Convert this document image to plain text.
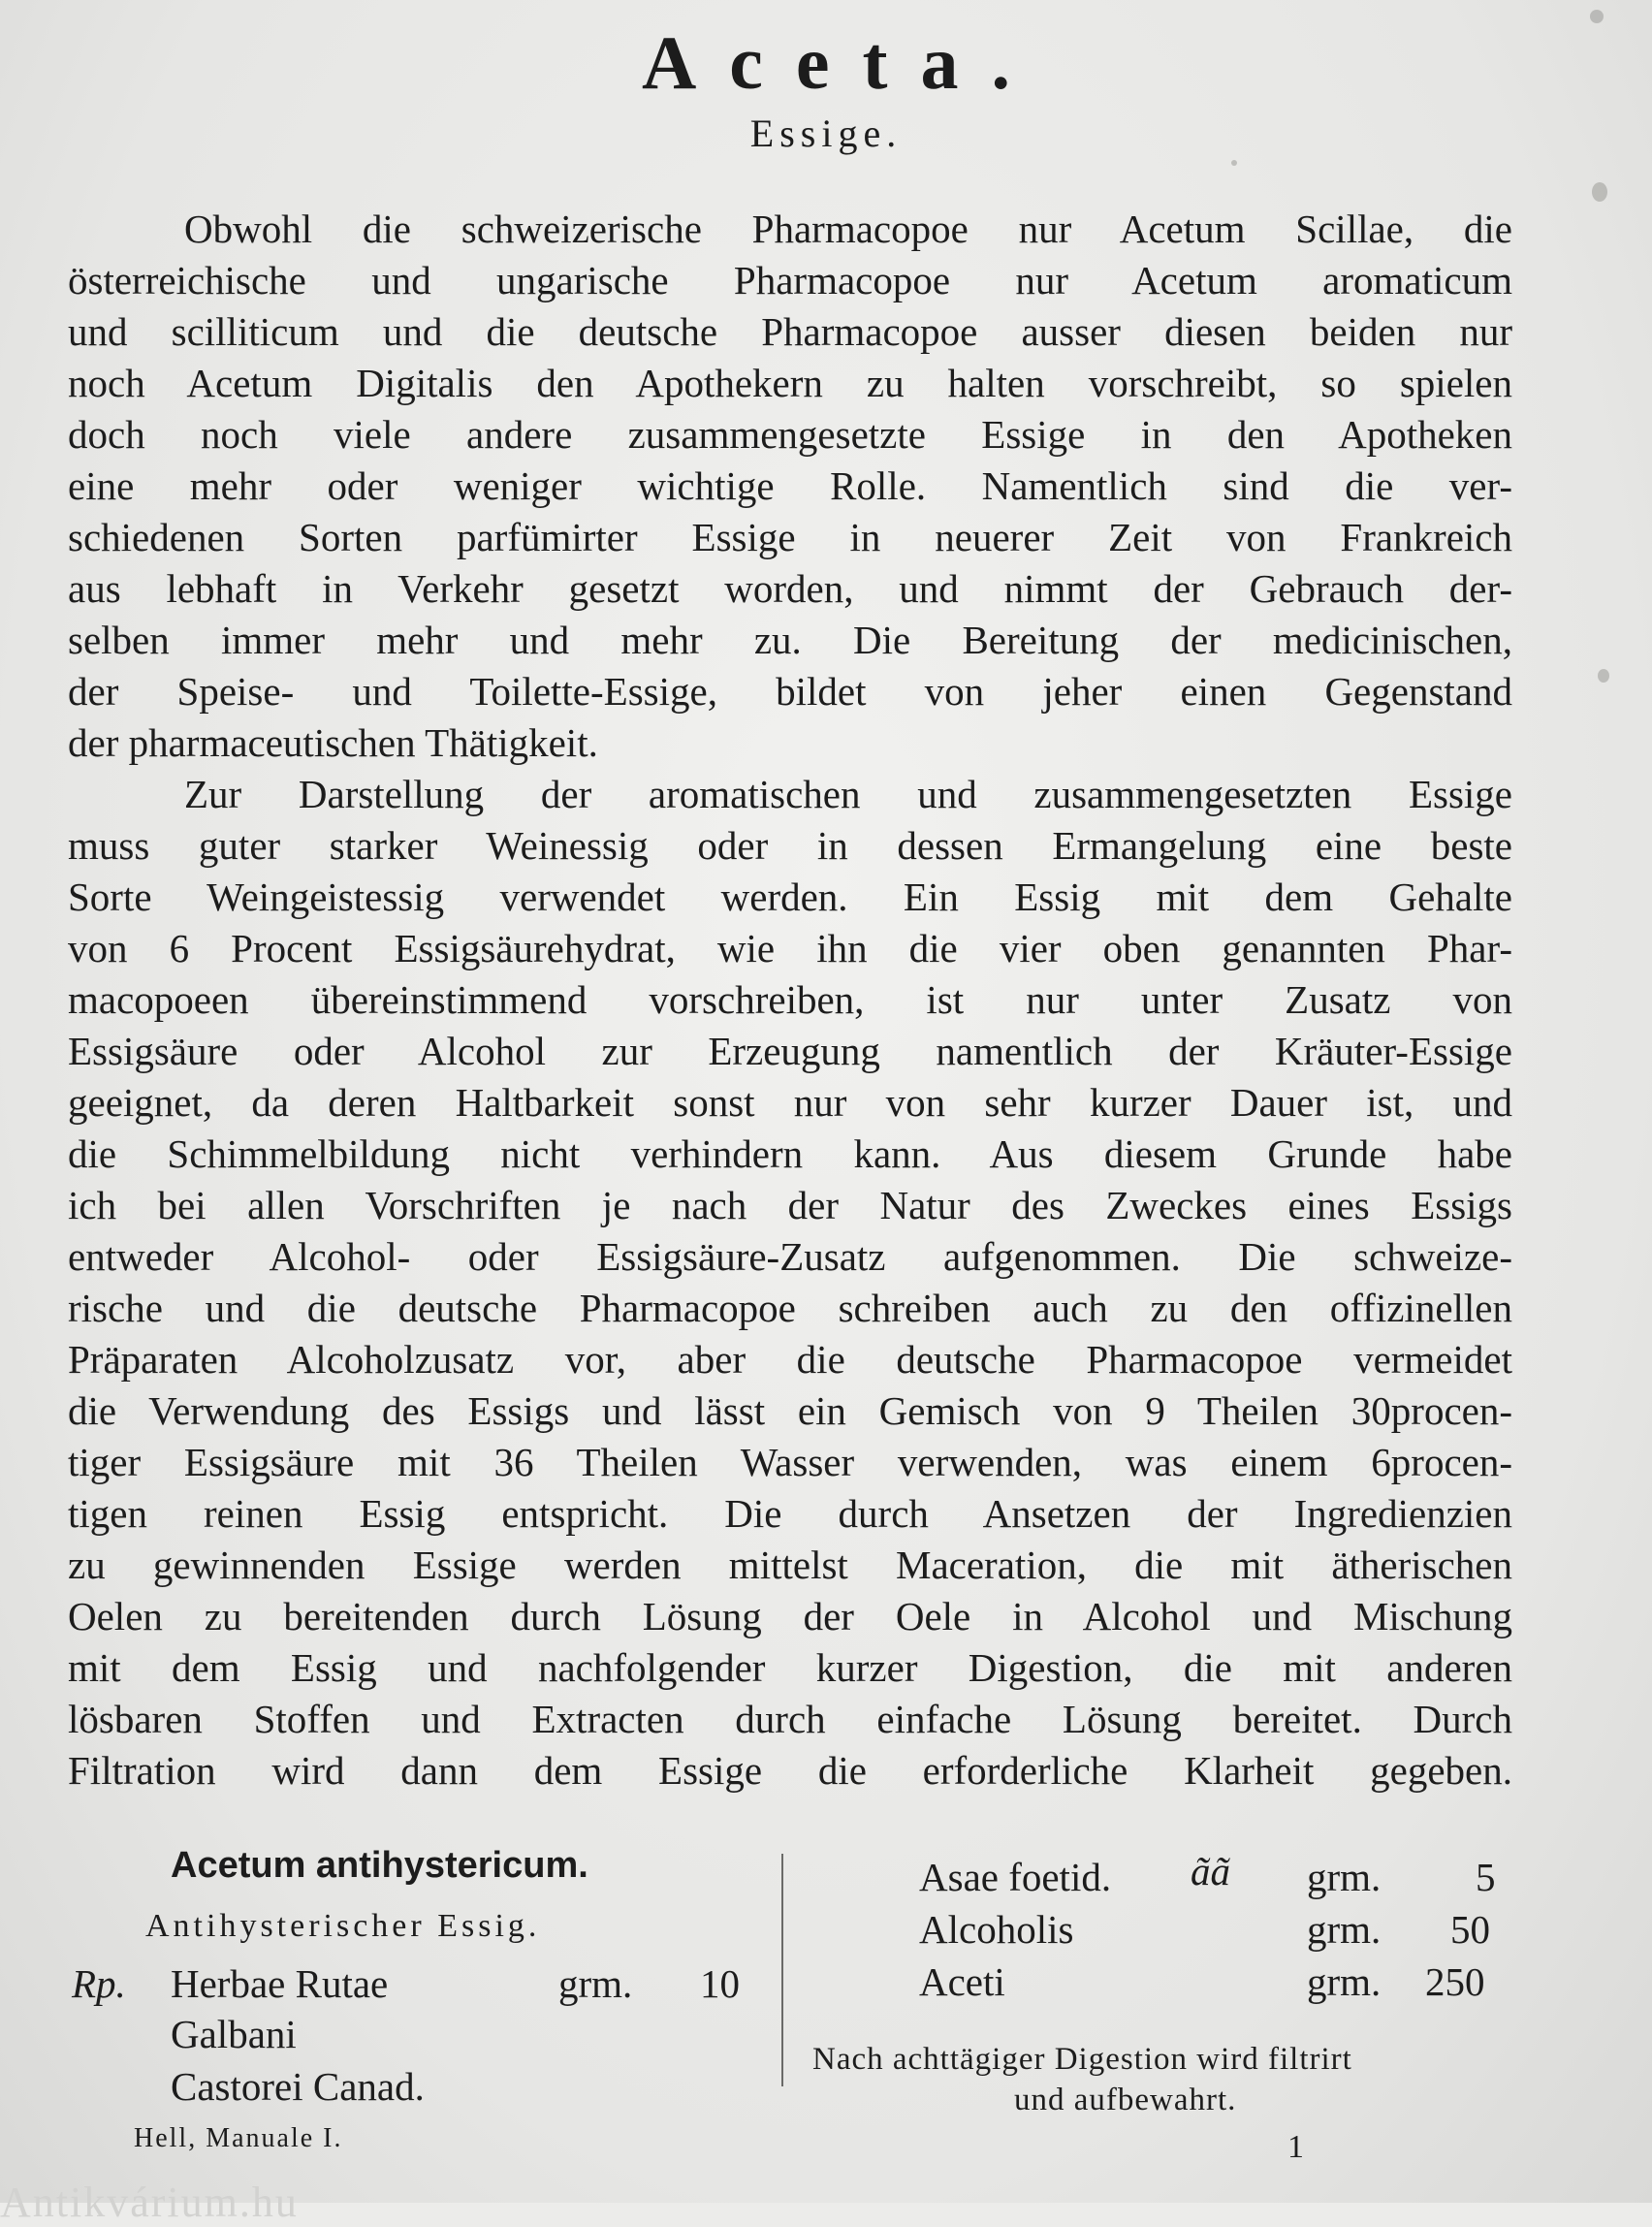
Aceta.
Essige.
Obwohl die schweizerische Pharmacopoe nur Acetum Scillae, die
österreichische und ungarische Pharmacopoe nur Acetum aromaticum
und scilliticum und die deutsche Pharmacopoe ausser diesen beiden nur
noch Acetum Digitalis den Apothekern zu halten vorschreibt, so spielen
doch noch viele andere zusammengesetzte Essige in den Apotheken
eine mehr oder weniger wichtige Rolle. Namentlich sind die ver-
schiedenen Sorten parfümirter Essige in neuerer Zeit von Frankreich
aus lebhaft in Verkehr gesetzt worden, und nimmt der Gebrauch der-
selben immer mehr und mehr zu. Die Bereitung der medicinischen,
der Speise- und Toilette-Essige, bildet von jeher einen Gegenstand
der pharmaceutischen Thätigkeit.
Zur Darstellung der aromatischen und zusammengesetzten Essige
muss guter starker Weinessig oder in dessen Ermangelung eine beste
Sorte Weingeistessig verwendet werden. Ein Essig mit dem Gehalte
von 6 Procent Essigsäurehydrat, wie ihn die vier oben genannten Phar-
macopoeen übereinstimmend vorschreiben, ist nur unter Zusatz von
Essigsäure oder Alcohol zur Erzeugung namentlich der Kräuter-Essige
geeignet, da deren Haltbarkeit sonst nur von sehr kurzer Dauer ist, und
die Schimmelbildung nicht verhindern kann. Aus diesem Grunde habe
ich bei allen Vorschriften je nach der Natur des Zweckes eines Essigs
entweder Alcohol- oder Essigsäure-Zusatz aufgenommen. Die schweize-
rische und die deutsche Pharmacopoe schreiben auch zu den offizinellen
Präparaten Alcoholzusatz vor, aber die deutsche Pharmacopoe vermeidet
die Verwendung des Essigs und lässt ein Gemisch von 9 Theilen 30procen-
tiger Essigsäure mit 36 Theilen Wasser verwenden, was einem 6procen-
tigen reinen Essig entspricht. Die durch Ansetzen der Ingredienzien
zu gewinnenden Essige werden mittelst Maceration, die mit ätherischen
Oelen zu bereitenden durch Lösung der Oele in Alcohol und Mischung
mit dem Essig und nachfolgender kurzer Digestion, die mit anderen
lösbaren Stoffen und Extracten durch einfache Lösung bereitet. Durch
Filtration wird dann dem Essige die erforderliche Klarheit gegeben.
Acetum antihystericum.
Antihysterischer Essig.
Rp. Herbae Rutae	grm. 10
Galbani
Castorei Canad.
Asae foetid. ãã grm. 5
Alcoholis	grm. 50
Aceti	grm. 250
Nach achttägiger Digestion wird filtrirt
und aufbewahrt.
Hell, Manuale I.	1
Antikvárium.hu
